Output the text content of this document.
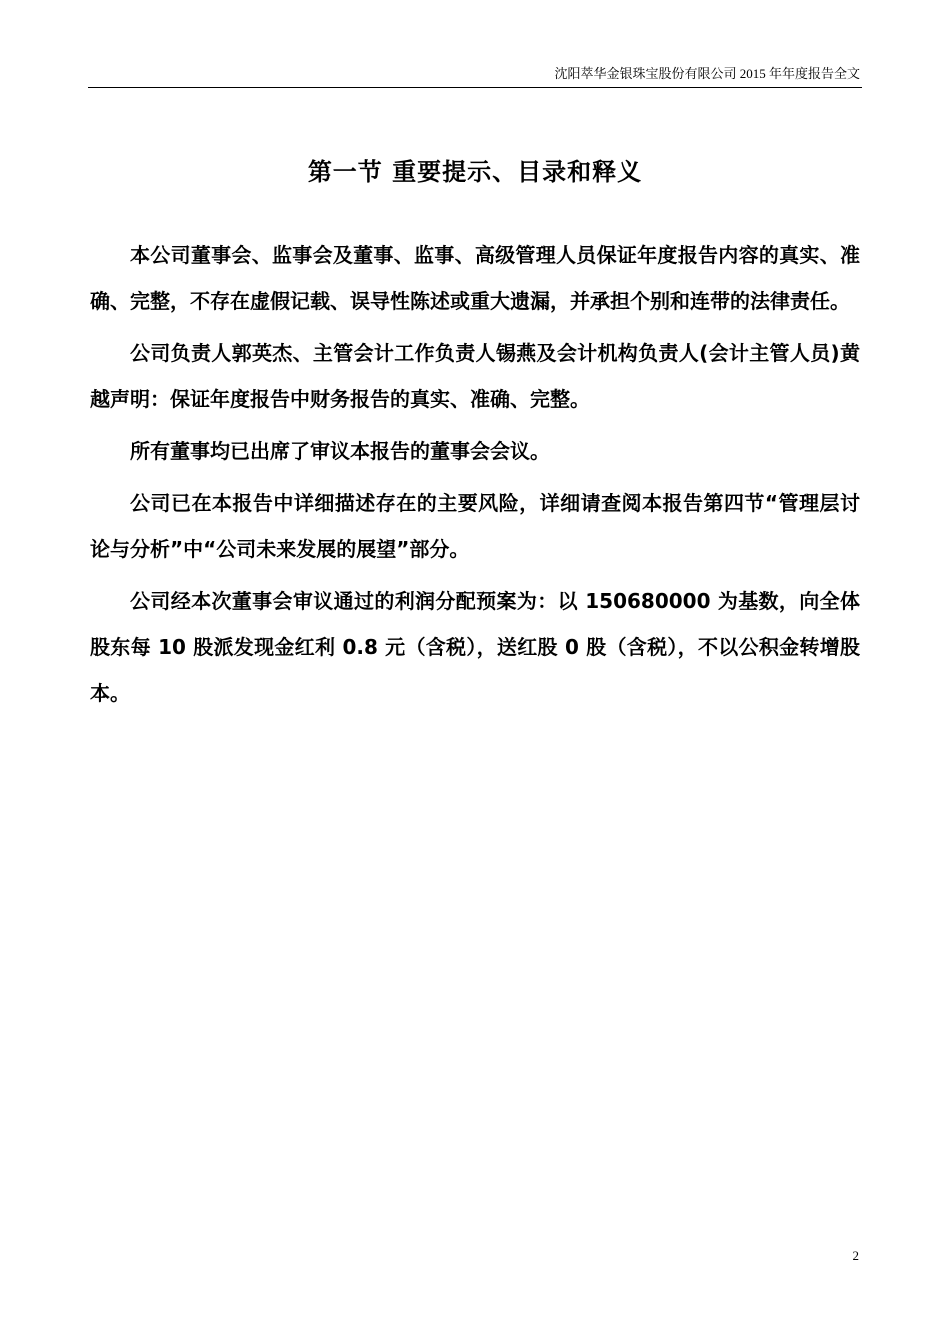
沈阳萃华金银珠宝股份有限公司 2015 年年度报告全文
第一节 重要提示、目录和释义

本公司董事会、监事会及董事、监事、高级管理人员保证年度报告内容的真实、准确、完整，不存在虚假记载、误导性陈述或重大遗漏，并承担个别和连带的法律责任。

公司负责人郭英杰、主管会计工作负责人锡燕及会计机构负责人(会计主管人员)黄越声明：保证年度报告中财务报告的真实、准确、完整。

所有董事均已出席了审议本报告的董事会会议。

公司已在本报告中详细描述存在的主要风险，详细请查阅本报告第四节“管理层讨论与分析”中“公司未来发展的展望”部分。

公司经本次董事会审议通过的利润分配预案为：以 150680000 为基数，向全体股东每 10 股派发现金红利 0.8 元（含税），送红股 0 股（含税），不以公积金转增股本。

2
